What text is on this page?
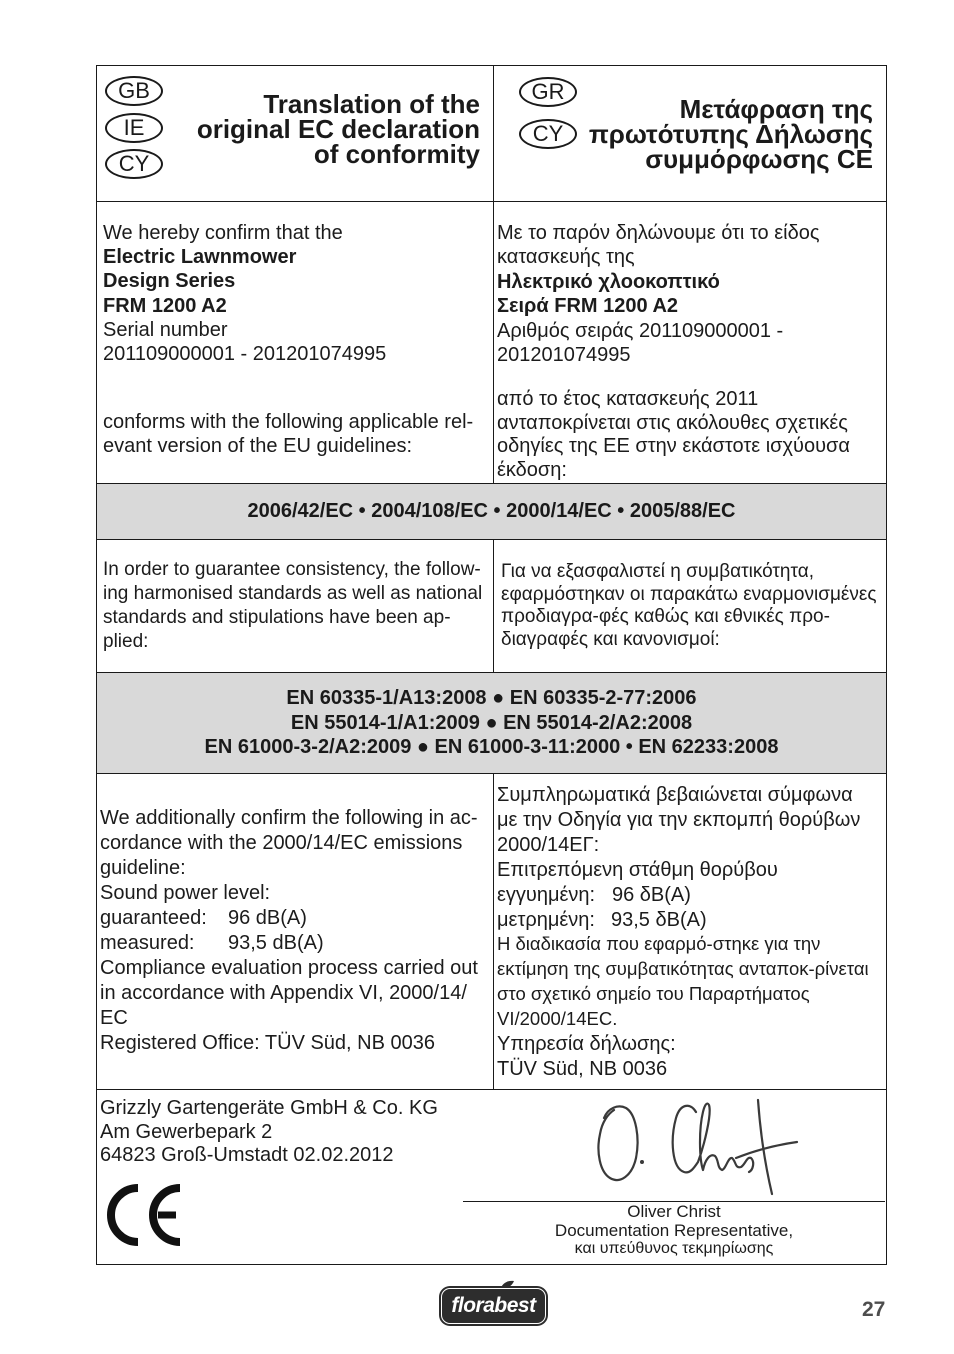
GB
IE
CY
Translation of the
original EC declaration
of conformity
GR
CY
Μετάφραση της
πρωτότυπης Δήλωσης
συμμόρφωσης CE
We hereby confirm that the
Electric Lawnmower
Design Series
FRM 1200 A2
Serial number
201109000001 - 201201074995
conforms with the following applicable rel-
evant version of the EU guidelines:
Με το παρόν δηλώνουμε ότι το είδος
κατασκευής της
Ηλεκτρικό χλοοκοπτικό
Σειρά FRM 1200 A2
Αριθμός σειράς 201109000001 -
201201074995
από το έτος κατασκευής 2011
ανταποκρίνεται στις ακόλουθες σχετικές
οδηγίες της ΕΕ στην εκάστοτε ισχύουσα
έκδοση:
2006/42/EC • 2004/108/EC • 2000/14/EC • 2005/88/EC
In order to guarantee consistency, the follow-
ing harmonised standards as well as national
standards and stipulations have been ap-
plied:
Για να εξασφαλιστεί η συμβατικότητα,
εφαρμόστηκαν οι παρακάτω εναρμονισμένες
προδιαγρα-φές καθώς και εθνικές προ-
διαγραφές και κανονισμοί:
EN 60335-1/A13:2008 ● EN 60335-2-77:2006
EN 55014-1/A1:2009 ● EN 55014-2/A2:2008
EN 61000-3-2/A2:2009 ● EN 61000-3-11:2000 • EN 62233:2008
We additionally confirm the following in ac-
cordance with the 2000/14/EC emissions
guideline:
Sound power level:
guaranteed: 96 dB(A)
measured: 93,5 dB(A)
Compliance evaluation process carried out
in accordance with Appendix VI, 2000/14/
EC
Registered Office: TÜV Süd, NB 0036
Συμπληρωματικά βεβαιώνεται σύμφωνα
με την Οδηγία για την εκπομπή θορύβων
2000/14ΕΓ:
Επιτρεπόμενη στάθμη θορύβου
εγγυημένη: 96 δB(A)
μετρημένη: 93,5 δB(A)
Η διαδικασία που εφαρμό-στηκε για την
εκτίμηση της συμβατικότητας ανταποκ-ρίνεται
στο σχετικό σημείο του Παραρτήματος
VI/2000/14EC.
Υπηρεσία δήλωσης:
TÜV Süd, NB 0036
Grizzly Gartengeräte GmbH & Co. KG
Am Gewerbepark 2
64823 Groß-Umstadt 02.02.2012
Oliver Christ
Documentation Representative,
και υπεύθυνος τεκμηρίωσης
florabest	27
